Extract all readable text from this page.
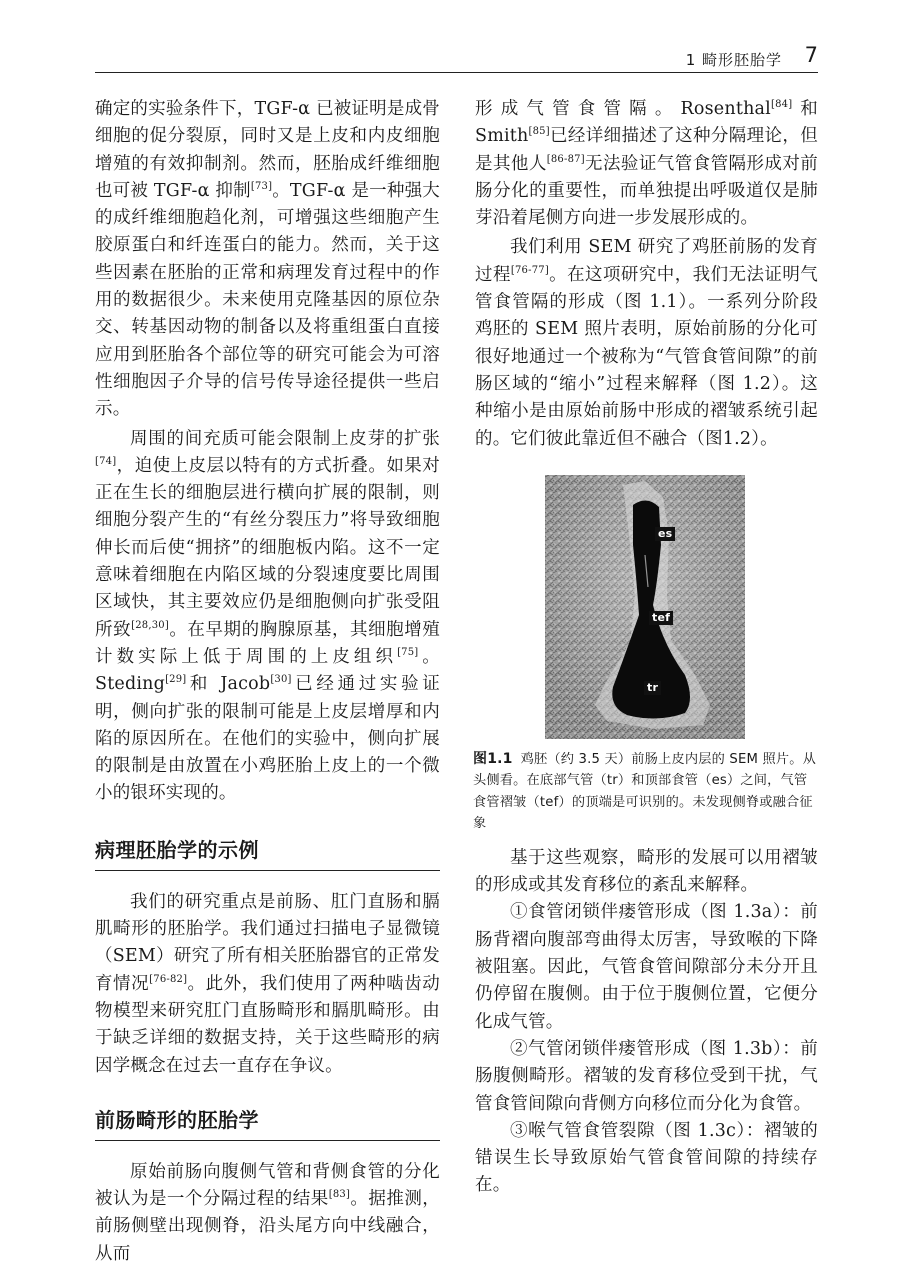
1 畸形胚胎学 7

确定的实验条件下，TGF-α 已被证明是成骨细胞的促分裂原，同时又是上皮和内皮细胞增殖的有效抑制剂。然而，胚胎成纤维细胞也可被 TGF-α 抑制[73]。TGF-α 是一种强大的成纤维细胞趋化剂，可增强这些细胞产生胶原蛋白和纤连蛋白的能力。然而，关于这些因素在胚胎的正常和病理发育过程中的作用的数据很少。未来使用克隆基因的原位杂交、转基因动物的制备以及将重组蛋白直接应用到胚胎各个部位等的研究可能会为可溶性细胞因子介导的信号传导途径提供一些启示。

周围的间充质可能会限制上皮芽的扩张[74]，迫使上皮层以特有的方式折叠。如果对正在生长的细胞层进行横向扩展的限制，则细胞分裂产生的“有丝分裂压力”将导致细胞伸长而后使“拥挤”的细胞板内陷。这不一定意味着细胞在内陷区域的分裂速度要比周围区域快，其主要效应仍是细胞侧向扩张受阻所致[28,30]。在早期的胸腺原基，其细胞增殖计数实际上低于周围的上皮组织[75]。Steding[29]和 Jacob[30]已经通过实验证明，侧向扩张的限制可能是上皮层增厚和内陷的原因所在。在他们的实验中，侧向扩展的限制是由放置在小鸡胚胎上皮上的一个微小的银环实现的。

病理胚胎学的示例

我们的研究重点是前肠、肛门直肠和膈肌畸形的胚胎学。我们通过扫描电子显微镜（SEM）研究了所有相关胚胎器官的正常发育情况[76-82]。此外，我们使用了两种啮齿动物模型来研究肛门直肠畸形和膈肌畸形。由于缺乏详细的数据支持，关于这些畸形的病因学概念在过去一直存在争议。

前肠畸形的胚胎学

原始前肠向腹侧气管和背侧食管的分化被认为是一个分隔过程的结果[83]。据推测，前肠侧壁出现侧脊，沿头尾方向中线融合，从而

形成气管食管隔。Rosenthal[84]和 Smith[85]已经详细描述了这种分隔理论，但是其他人[86-87]无法验证气管食管隔形成对前肠分化的重要性，而单独提出呼吸道仅是肺芽沿着尾侧方向进一步发展形成的。

我们利用 SEM 研究了鸡胚前肠的发育过程[76-77]。在这项研究中，我们无法证明气管食管隔的形成（图 1.1）。一系列分阶段鸡胚的 SEM 照片表明，原始前肠的分化可很好地通过一个被称为“气管食管间隙”的前肠区域的“缩小”过程来解释（图 1.2）。这种缩小是由原始前肠中形成的褶皱系统引起的。它们彼此靠近但不融合（图1.2）。

es
tef
tr
图1.1 鸡胚（约 3.5 天）前肠上皮内层的 SEM 照片。从头侧看。在底部气管（tr）和顶部食管（es）之间，气管食管褶皱（tef）的顶端是可识别的。未发现侧脊或融合征象

基于这些观察，畸形的发展可以用褶皱的形成或其发育移位的紊乱来解释。

①食管闭锁伴瘘管形成（图 1.3a）：前肠背褶向腹部弯曲得太厉害，导致喉的下降被阻塞。因此，气管食管间隙部分未分开且仍停留在腹侧。由于位于腹侧位置，它便分化成气管。

②气管闭锁伴瘘管形成（图 1.3b）：前肠腹侧畸形。褶皱的发育移位受到干扰，气管食管间隙向背侧方向移位而分化为食管。

③喉气管食管裂隙（图 1.3c）：褶皱的错误生长导致原始气管食管间隙的持续存在。
